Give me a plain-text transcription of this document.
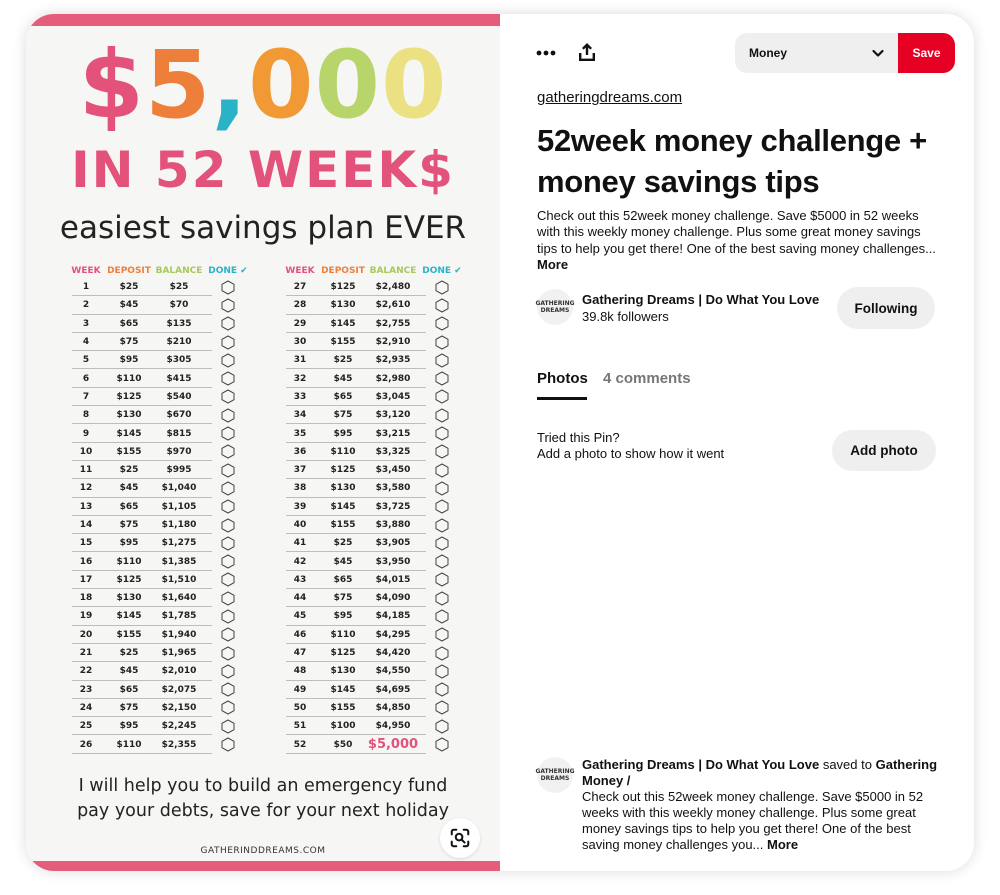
$5,000
IN 52 WEEK$
easiest savings plan EVER
WEEK DEPOSIT BALANCE DONE ✔
1	$25	$25
2	$45	$70
3	$65	$135
4	$75	$210
5	$95	$305
6	$110	$415
7	$125	$540
8	$130	$670
9	$145	$815
10	$155	$970
11	$25	$995
12	$45	$1,040
13	$65	$1,105
14	$75	$1,180
15	$95	$1,275
16	$110	$1,385
17	$125	$1,510
18	$130	$1,640
19	$145	$1,785
20	$155	$1,940
21	$25	$1,965
22	$45	$2,010
23	$65	$2,075
24	$75	$2,150
25	$95	$2,245
26	$110	$2,355
WEEK DEPOSIT BALANCE DONE ✔
27	$125	$2,480
28	$130	$2,610
29	$145	$2,755
30	$155	$2,910
31	$25	$2,935
32	$45	$2,980
33	$65	$3,045
34	$75	$3,120
35	$95	$3,215
36	$110	$3,325
37	$125	$3,450
38	$130	$3,580
39	$145	$3,725
40	$155	$3,880
41	$25	$3,905
42	$45	$3,950
43	$65	$4,015
44	$75	$4,090
45	$95	$4,185
46	$110	$4,295
47	$125	$4,420
48	$130	$4,550
49	$145	$4,695
50	$155	$4,850
51	$100	$4,950
52	$50	$5,000
I will help you to build an emergency fund
pay your debts, save for your next holiday
GATHERINDDREAMS.COM
Money	Save
gatheringdreams.com
52week money challenge + money savings tips
Check out this 52week money challenge. Save $5000 in 52 weeks with this weekly money challenge. Plus some great money savings tips to help you get there! One of the best saving money challenges... More
GATHERING
DREAMS
Gathering Dreams | Do What You Love
39.8k followers
Following
Photos 4 comments
Tried this Pin?
Add a photo to show how it went	Add photo
GATHERING
DREAMS
Gathering Dreams | Do What You Love saved to Gathering Money /
Check out this 52week money challenge. Save $5000 in 52 weeks with this weekly money challenge. Plus some great money savings tips to help you get there! One of the best saving money challenges you... More
